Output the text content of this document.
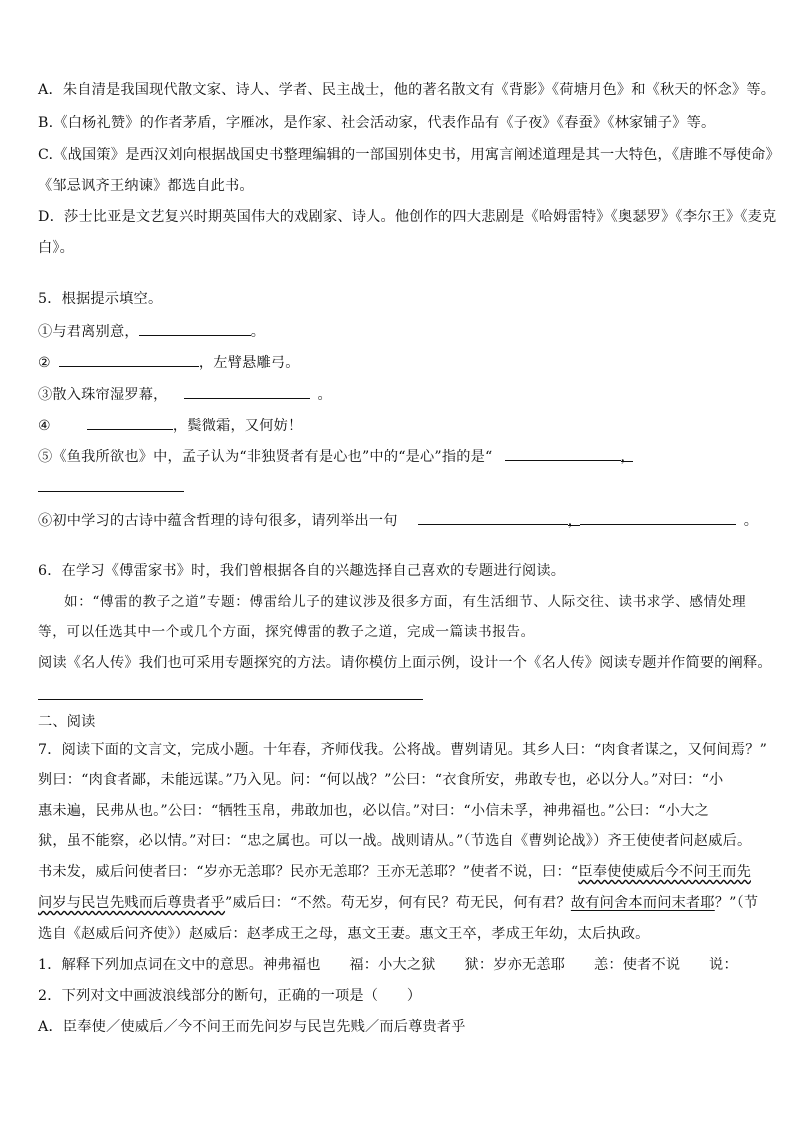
A．朱自清是我国现代散文家、诗人、学者、民主战士，他的著名散文有《背影》《荷塘月色》和《秋天的怀念》等。
B.《白杨礼赞》的作者茅盾，字雁冰，是作家、社会活动家，代表作品有《子夜》《春蚕》《林家铺子》等。
C.《战国策》是西汉刘向根据战国史书整理编辑的一部国别体史书，用寓言阐述道理是其一大特色，《唐雎不辱使命》
《邹忌讽齐王纳谏》都选自此书。
D．莎士比亚是文艺复兴时期英国伟大的戏剧家、诗人。他创作的四大悲剧是《哈姆雷特》《奥瑟罗》《李尔王》《麦克
白》。
5．根据提示填空。
①与君离别意，	。
②	，左臂悬雕弓。
③散入珠帘湿罗幕，	。
④	，鬓微霜，又何妨！
⑤《鱼我所欲也》中，孟子认为“非独贤者有是心也”中的“是心”指的是“	，
⑥初中学习的古诗中蕴含哲理的诗句很多，请列举出一句	，	。
6．在学习《傅雷家书》时，我们曾根据各自的兴趣选择自己喜欢的专题进行阅读。
如：“傅雷的教子之道”专题：傅雷给儿子的建议涉及很多方面，有生活细节、人际交往、读书求学、感情处理
等，可以任选其中一个或几个方面，探究傅雷的教子之道，完成一篇读书报告。
阅读《名人传》我们也可采用专题探究的方法。请你模仿上面示例，设计一个《名人传》阅读专题并作简要的阐释。
二、阅读
7．阅读下面的文言文，完成小题。十年春，齐师伐我。公将战。曹刿请见。其乡人曰：“肉食者谋之，又何间焉？”
刿曰：“肉食者鄙，未能远谋。”乃入见。问：“何以战？”公曰：“衣食所安，弗敢专也，必以分人。”对曰：“小
惠未遍，民弗从也。”公曰：“牺牲玉帛，弗敢加也，必以信。”对曰：“小信未孚，神弗福也。”公曰：“小大之
狱，虽不能察，必以情。”对曰：“忠之属也。可以一战。战则请从。”（节选自《曹刿论战》）齐王使使者问赵威后。
书未发，威后问使者曰：“岁亦无恙耶？民亦无恙耶？王亦无恙耶？”使者不说，曰：“臣奉使使威后今不问王而先
问岁与民岂先贱而后尊贵者乎”威后曰：“不然。苟无岁，何有民？苟无民，何有君？故有问舍本而问末者耶？”（节
选自《赵威后问齐使》）赵威后：赵孝成王之母，惠文王妻。惠文王卒，孝成王年幼，太后执政。
1．解释下列加点词在文中的意思。神弗福也　　福：小大之狱　　狱：岁亦无恙耶　　恙：使者不说　　说：
2．下列对文中画波浪线部分的断句，正确的一项是（　　）
A．臣奉使／使威后／今不问王而先问岁与民岂先贱／而后尊贵者乎
